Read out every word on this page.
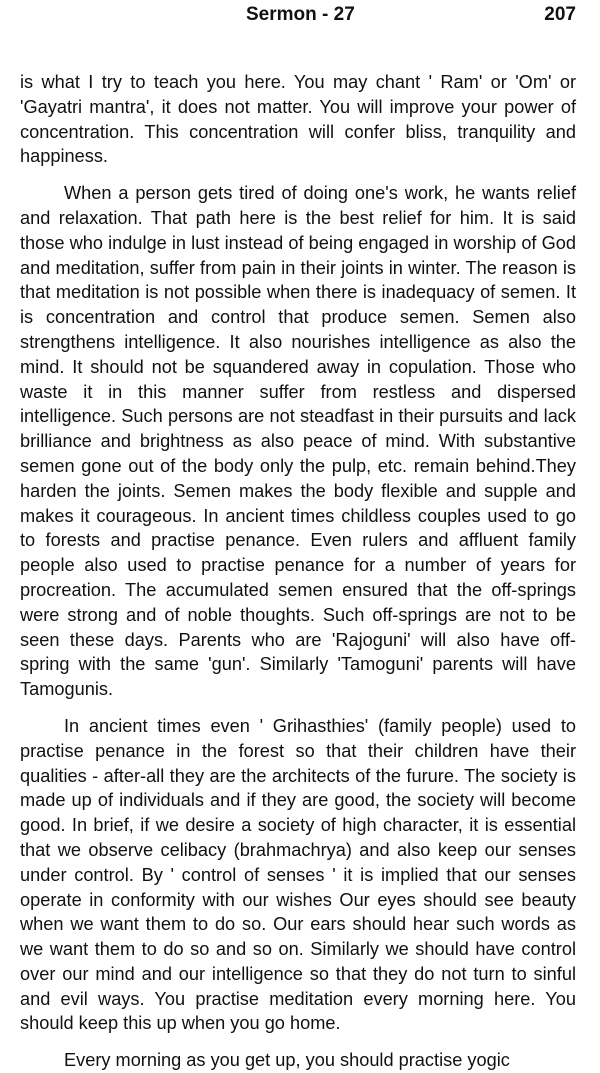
Sermon - 27	207

is what I try to teach you here. You may chant ' Ram' or 'Om' or 'Gayatri mantra', it does not matter. You will improve your power of concentration. This concentration will confer bliss, tranquility and happiness.

When a person gets tired of doing one's work, he wants relief and relaxation. That path here is the best relief for him. It is said those who indulge in lust instead of being engaged in worship of God and meditation, suffer from pain in their joints in winter. The reason is that meditation is not possible when there is inadequacy of semen. It is concentration and control that produce semen. Semen also strengthens intelligence. It also nourishes intelligence as also the mind. It should not be squandered away in copulation. Those who waste it in this manner suffer from restless and dispersed intelligence. Such persons are not steadfast in their pursuits and lack brilliance and brightness as also peace of mind. With substantive semen gone out of the body only the pulp, etc. remain behind.They harden the joints. Semen makes the body flexible and supple and makes it courageous. In ancient times childless couples used to go to forests and practise penance. Even rulers and affluent family people also used to practise penance for a number of years for procreation. The accumulated semen ensured that the off-springs were strong and of noble thoughts. Such off-springs are not to be seen these days. Parents who are 'Rajoguni' will also have off- spring with the same 'gun'. Similarly 'Tamoguni' parents will have Tamogunis.

In ancient times even ' Grihasthies' (family people) used to practise penance in the forest so that their children have their qualities - after-all they are the architects of the furure. The society is made up of individuals and if they are good, the society will become good. In brief, if we desire a society of high character, it is essential that we observe celibacy (brahmachrya) and also keep our senses under control. By ' control of senses ' it is implied that our senses operate in conformity with our wishes Our eyes should see beauty when we want them to do so. Our ears should hear such words as we want them to do so and so on. Similarly we should have control over our mind and our intelligence so that they do not turn to sinful and evil ways. You practise meditation every morning here. You should keep this up when you go home.

Every morning as you get up, you should practise yogic
